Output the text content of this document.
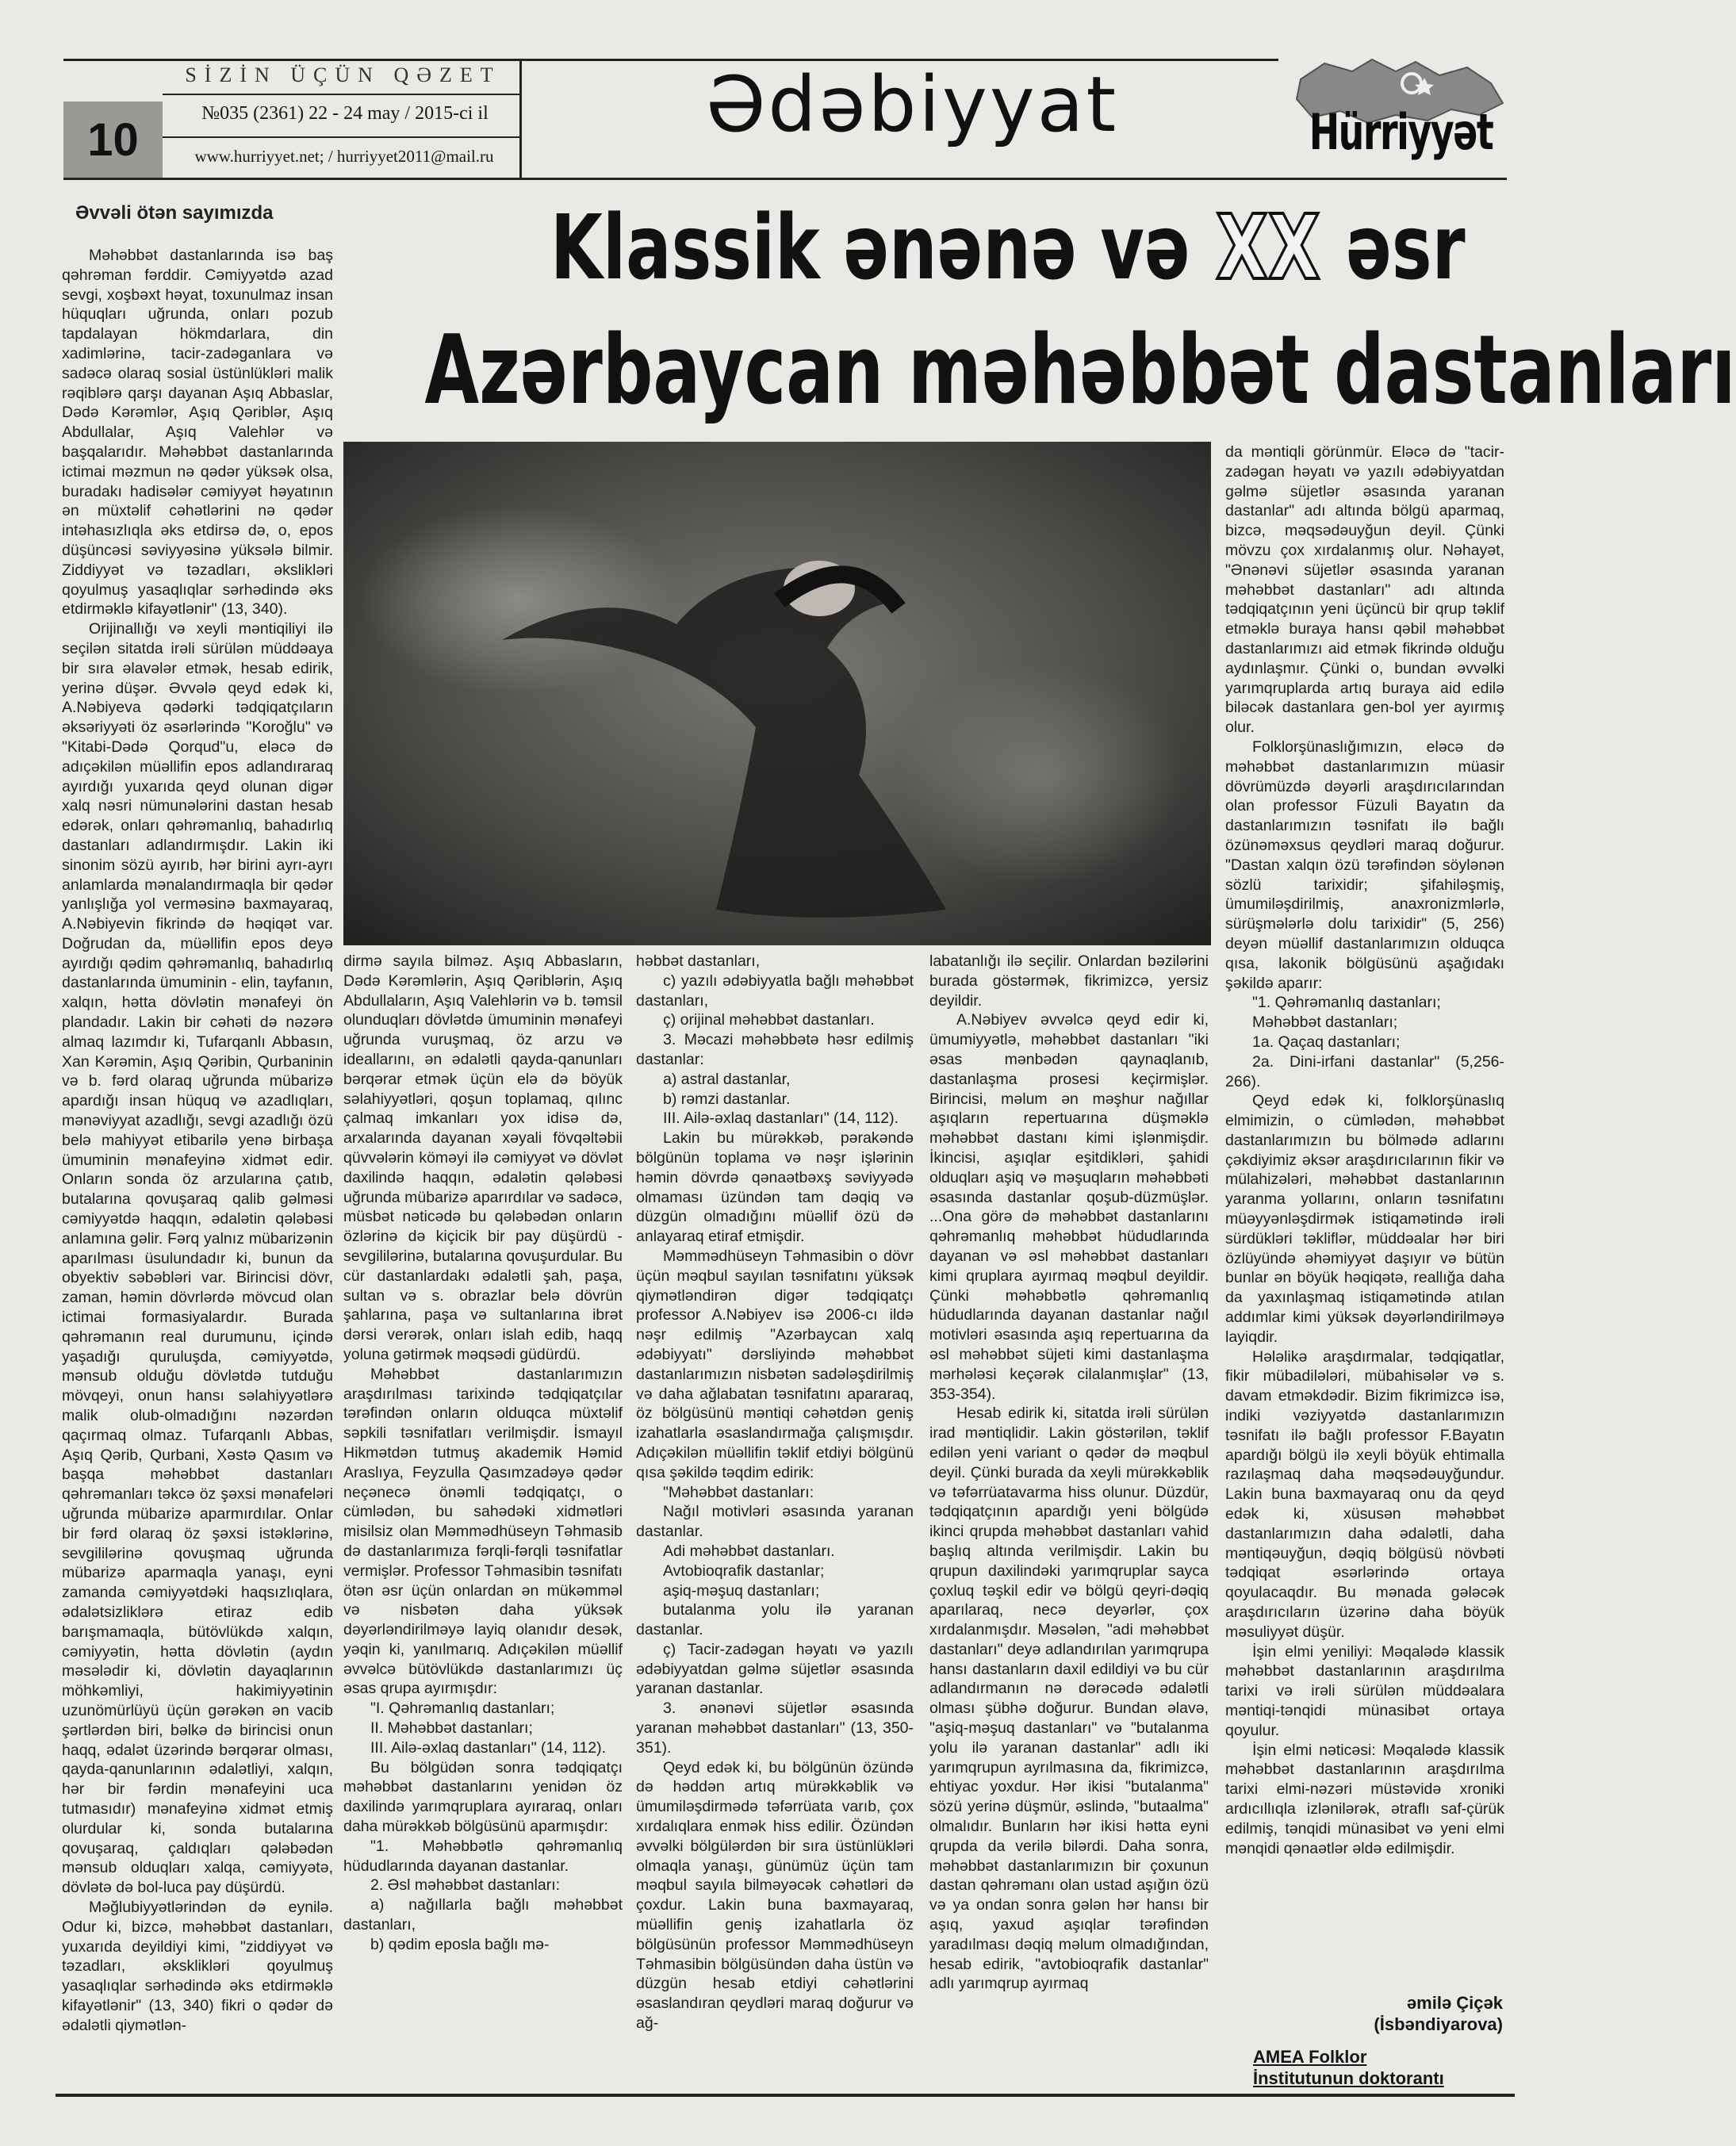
10
SİZİN ÜÇÜN QƏZET
№035 (2361) 22 - 24 may / 2015-ci il
www.hurriyyet.net; / hurriyyet2011@mail.ru
Ədəbiyyat	Hürriyyət
Klassik ənənə və XX əsr
Azərbaycan məhəbbət dastanları
Əvvəli ötən sayımızda

Məhəbbət dastanlarında isə baş qəhrəman fərddir. Cəmiyyətdə azad sevgi, xoşbəxt həyat, toxunulmaz insan hüquqları uğrunda, onları pozub tapdalayan hökmdarlara, din xadimlərinə, tacir-zadəganlara və sadəcə olaraq sosial üstünlükləri malik rəqiblərə qarşı dayanan Aşıq Abbaslar, Dədə Kərəmlər, Aşıq Qəriblər, Aşıq Abdullalar, Aşıq Valehlər və başqalarıdır. Məhəbbət dastanlarında ictimai məzmun nə qədər yüksək olsa, buradakı hadisələr cəmiyyət həyatının ən müxtəlif cəhətlərini nə qədər intəhasızlıqla əks etdirsə də, o, epos düşüncəsi səviyyəsinə yüksələ bilmir. Ziddiyyət və təzadları, əkslikləri qoyulmuş yasaqlıqlar sərhədində əks etdirməklə kifayətlənir" (13, 340).

Orijinallığı və xeyli məntiqiliyi ilə seçilən sitatda irəli sürülən müddəaya bir sıra əlavələr etmək, hesab edirik, yerinə düşər. Əvvələ qeyd edək ki, A.Nəbiyeva qədərki tədqiqatçıların əksəriyyəti öz əsərlərində "Koroğlu" və "Kitabi-Dədə Qorqud"u, eləcə də adıçəkilən müəllifin epos adlandıraraq ayırdığı yuxarıda qeyd olunan digər xalq nəsri nümunələrini dastan hesab edərək, onları qəhrəmanlıq, bahadırlıq dastanları adlandırmışdır. Lakin iki sinonim sözü ayırıb, hər birini ayrı-ayrı anlamlarda mənalandırmaqla bir qədər yanlışlığa yol verməsinə baxmayaraq, A.Nəbiyevin fikrində də həqiqət var. Doğrudan da, müəllifin epos deyə ayırdığı qədim qəhrəmanlıq, bahadırlıq dastanlarında ümuminin - elin, tayfanın, xalqın, hətta dövlətin mənafeyi ön plandadır. Lakin bir cəhəti də nəzərə almaq lazımdır ki, Tufarqanlı Abbasın, Xan Kərəmin, Aşıq Qəribin, Qurbaninin və b. fərd olaraq uğrunda mübarizə apardığı insan hüquq və azadlıqları, mənəviyyat azadlığı, sevgi azadlığı özü belə mahiyyət etibarilə yenə birbaşa ümuminin mənafeyinə xidmət edir. Onların sonda öz arzularına çatıb, butalarına qovuşaraq qalib gəlməsi cəmiyyətdə haqqın, ədalətin qələbəsi anlamına gəlir. Fərq yalnız mübarizənin aparılması üsulundadır ki, bunun da obyektiv səbəbləri var. Birincisi dövr, zaman, həmin dövrlərdə mövcud olan ictimai formasiyalardır. Burada qəhrəmanın real durumunu, içində yaşadığı quruluşda, cəmiyyətdə, mənsub olduğu dövlətdə tutduğu mövqeyi, onun hansı səlahiyyətlərə malik olub-olmadığını nəzərdən qaçırmaq olmaz. Tufarqanlı Abbas, Aşıq Qərib, Qurbani, Xəstə Qasım və başqa məhəbbət dastanları qəhrəmanları təkcə öz şəxsi mənafeləri uğrunda mübarizə aparmırdılar. Onlar bir fərd olaraq öz şəxsi istəklərinə, sevgililərinə qovuşmaq uğrunda mübarizə aparmaqla yanaşı, eyni zamanda cəmiyyətdəki haqsızlıqlara, ədalətsizliklərə etiraz edib barışmamaqla, bütövlükdə xalqın, cəmiyyətin, hətta dövlətin (aydın məsələdir ki, dövlətin dayaqlarının möhkəmliyi, hakimiyyətinin uzunömürlüyü üçün gərəkən ən vacib şərtlərdən biri, bəlkə də birincisi onun haqq, ədalət üzərində bərqərar olması, qayda-qanunlarının ədalətliyi, xalqın, hər bir fərdin mənafeyini uca tutmasıdır) mənafeyinə xidmət etmiş olurdular ki, sonda butalarına qovuşaraq, çaldıqları qələbədən mənsub olduqları xalqa, cəmiyyətə, dövlətə də bol-luca pay düşürdü.

Məğlubiyyətlərindən də eynilə. Odur ki, bizcə, məhəbbət dastanları, yuxarıda deyildiyi kimi, "ziddiyyət və təzadları, əksklikləri qoyulmuş yasaqlıqlar sərhədində əks etdirməklə kifayətlənir" (13, 340) fikri o qədər də ədalətli qiymətlən-

dirmə sayıla bilməz. Aşıq Abbasların, Dədə Kərəmlərin, Aşıq Qəriblərin, Aşıq Abdullaların, Aşıq Valehlərin və b. təmsil olunduqları dövlətdə ümuminin mənafeyi uğrunda vuruşmaq, öz arzu və ideallarını, ən ədalətli qayda-qanunları bərqərar etmək üçün elə də böyük səlahiyyətləri, qoşun toplamaq, qılınc çalmaq imkanları yox idisə də, arxalarında dayanan xəyali fövqəltəbii qüvvələrin köməyi ilə cəmiyyət və dövlət daxilində haqqın, ədalətin qələbəsi uğrunda mübarizə aparırdılar və sadəcə, müsbət nəticədə bu qələbədən onların özlərinə də kiçicik bir pay düşürdü - sevgililərinə, butalarına qovuşurdular. Bu cür dastanlardakı ədalətli şah, paşa, sultan və s. obrazlar belə dövrün şahlarına, paşa və sultanlarına ibrət dərsi verərək, onları islah edib, haqq yoluna gətirmək məqsədi güdürdü.

Məhəbbət dastanlarımızın araşdırılması tarixində tədqiqatçılar tərəfindən onların olduqca müxtəlif səpkili təsnifatları verilmişdir. İsmayıl Hikmətdən tutmuş akademik Həmid Araslıya, Feyzulla Qasımzadəyə qədər neçənecə önəmli tədqiqatçı, o cümlədən, bu sahədəki xidmətləri misilsiz olan Məmmədhüseyn Təhmasib də dastanlarımıza fərqli-fərqli təsnifatlar vermişlər. Professor Təhmasibin təsnifatı ötən əsr üçün onlardan ən mükəmməl və nisbətən daha yüksək dəyərləndirilməyə layiq olanıdır desək, yəqin ki, yanılmarıq. Adıçəkilən müəllif əvvəlcə bütövlükdə dastanlarımızı üç əsas qrupa ayırmışdır:

"I. Qəhrəmanlıq dastanları;

II. Məhəbbət dastanları;

III. Ailə-əxlaq dastanları" (14, 112).

Bu bölgüdən sonra tədqiqatçı məhəbbət dastanlarını yenidən öz daxilində yarımqruplara ayıraraq, onları daha mürəkkəb bölgüsünü aparmışdır:

"1. Məhəbbətlə qəhrəmanlıq hüdudlarında dayanan dastanlar.

2. Əsl məhəbbət dastanları:

a) nağıllarla bağlı məhəbbət dastanları,

b) qədim eposla bağlı mə-

həbbət dastanları,

c) yazılı ədəbiyyatla bağlı məhəbbət dastanları,

ç) orijinal məhəbbət dastanları.

3. Məcazi məhəbbətə həsr edilmiş dastanlar:

a) astral dastanlar,

b) rəmzi dastanlar.

III. Ailə-əxlaq dastanları" (14, 112).

Lakin bu mürəkkəb, pərakəndə bölgünün toplama və nəşr işlərinin həmin dövrdə qənaətbəxş səviyyədə olmaması üzündən tam dəqiq və düzgün olmadığını müəllif özü də anlayaraq etiraf etmişdir.

Məmmədhüseyn Təhmasibin o dövr üçün məqbul sayılan təsnifatını yüksək qiymətləndirən digər tədqiqatçı professor A.Nəbiyev isə 2006-cı ildə nəşr edilmiş "Azərbaycan xalq ədəbiyyatı" dərsliyində məhəbbət dastanlarımızın nisbətən sadələşdirilmiş və daha ağlabatan təsnifatını apararaq, öz bölgüsünü məntiqi cəhətdən geniş izahatlarla əsaslandırmağa çalışmışdır. Adıçəkilən müəllifin təklif etdiyi bölgünü qısa şəkildə təqdim edirik:

"Məhəbbət dastanları:

Nağıl motivləri əsasında yaranan dastanlar.

Adi məhəbbət dastanları.

Avtobioqrafik dastanlar;

aşiq-məşuq dastanları;

butalanma yolu ilə yaranan dastanlar.

ç) Tacir-zadəgan həyatı və yazılı ədəbiyyatdan gəlmə süjetlər əsasında yaranan dastanlar.

3. ənənəvi süjetlər əsasında yaranan məhəbbət dastanları" (13, 350-351).

Qeyd edək ki, bu bölgünün özündə də həddən artıq mürəkkəblik və ümumiləşdirmədə təfərrüata varıb, çox xırdalıqlara enmək hiss edilir. Özündən əvvəlki bölgülərdən bir sıra üstünlükləri olmaqla yanaşı, günümüz üçün tam məqbul sayıla bilməyəcək cəhətləri də çoxdur. Lakin buna baxmayaraq, müəllifin geniş izahatlarla öz bölgüsünün professor Məmmədhüseyn Təhmasibin bölgüsündən daha üstün və düzgün hesab etdiyi cəhətlərini əsaslandıran qeydləri maraq doğurur və ağ-

labatanlığı ilə seçilir. Onlardan bəzilərini burada göstərmək, fikrimizcə, yersiz deyildir.

A.Nəbiyev əvvəlcə qeyd edir ki, ümumiyyətlə, məhəbbət dastanları "iki əsas mənbədən qaynaqlanıb, dastanlaşma prosesi keçirmişlər. Birincisi, məlum ən məşhur nağıllar aşıqların repertuarına düşməklə məhəbbət dastanı kimi işlənmişdir. İkincisi, aşıqlar eşitdikləri, şahidi olduqları aşiq və məşuqların məhəbbəti əsasında dastanlar qoşub-düzmüşlər. ...Ona görə də məhəbbət dastanlarını qəhrəmanlıq məhəbbət hüdudlarında dayanan və əsl məhəbbət dastanları kimi qruplara ayırmaq məqbul deyildir. Çünki məhəbbətlə qəhrəmanlıq hüdudlarında dayanan dastanlar nağıl motivləri əsasında aşıq repertuarına da əsl məhəbbət süjeti kimi dastanlaşma mərhələsi keçərək cilalanmışlar" (13, 353-354).

Hesab edirik ki, sitatda irəli sürülən irad məntiqlidir. Lakin göstərilən, təklif edilən yeni variant o qədər də məqbul deyil. Çünki burada da xeyli mürəkkəblik və təfərrüatavarma hiss olunur. Düzdür, tədqiqatçının apardığı yeni bölgüdə ikinci qrupda məhəbbət dastanları vahid başlıq altında verilmişdir. Lakin bu qrupun daxilindəki yarımqruplar sayca çoxluq təşkil edir və bölgü qeyri-dəqiq aparılaraq, necə deyərlər, çox xırdalanmışdır. Məsələn, "adi məhəbbət dastanları" deyə adlandırılan yarımqrupa hansı dastanların daxil edildiyi və bu cür adlandırmanın nə dərəcədə ədalətli olması şübhə doğurur. Bundan əlavə, "aşiq-məşuq dastanları" və "butalanma yolu ilə yaranan dastanlar" adlı iki yarımqrupun ayrılmasına da, fikrimizcə, ehtiyac yoxdur. Hər ikisi "butalanma" sözü yerinə düşmür, əslində, "butaalma" olmalıdır. Bunların hər ikisi hətta eyni qrupda da verilə bilərdi. Daha sonra, məhəbbət dastanlarımızın bir çoxunun dastan qəhrəmanı olan ustad aşığın özü və ya ondan sonra gələn hər hansı bir aşıq, yaxud aşıqlar tərəfindən yaradılması dəqiq məlum olmadığından, hesab edirik, "avtobioqrafik dastanlar" adlı yarımqrup ayırmaq

da məntiqli görünmür. Eləcə də "tacir-zadəgan həyatı və yazılı ədəbiyyatdan gəlmə süjetlər əsasında yaranan dastanlar" adı altında bölgü aparmaq, bizcə, məqsədəuyğun deyil. Çünki mövzu çox xırdalanmış olur. Nəhayət, "Ənənəvi süjetlər əsasında yaranan məhəbbət dastanları" adı altında tədqiqatçının yeni üçüncü bir qrup təklif etməklə buraya hansı qəbil məhəbbət dastanlarımızı aid etmək fikrində olduğu aydınlaşmır. Çünki o, bundan əvvəlki yarımqruplarda artıq buraya aid edilə biləcək dastanlara gen-bol yer ayırmış olur.

Folklorşünaslığımızın, eləcə də məhəbbət dastanlarımızın müasir dövrümüzdə dəyərli araşdırıcılarından olan professor Füzuli Bayatın da dastanlarımızın təsnifatı ilə bağlı özünəməxsus qeydləri maraq doğurur. "Dastan xalqın özü tərəfindən söylənən sözlü tarixidir; şifahiləşmiş, ümumiləşdirilmiş, anaxronizmlərlə, sürüşmələrlə dolu tarixidir" (5, 256) deyən müəllif dastanlarımızın olduqca qısa, lakonik bölgüsünü aşağıdakı şəkildə aparır:

"1. Qəhrəmanlıq dastanları;

Məhəbbət dastanları;

1a. Qaçaq dastanları;

2a. Dini-irfani dastanlar" (5,256-266).

Qeyd edək ki, folklorşünaslıq elmimizin, o cümlədən, məhəbbət dastanlarımızın bu bölmədə adlarını çəkdiyimiz əksər araşdırıcılarının fikir və mülahizələri, məhəbbət dastanlarının yaranma yollarını, onların təsnifatını müəyyənləşdirmək istiqamətində irəli sürdükləri təkliflər, müddəalar hər biri özlüyündə əhəmiyyət daşıyır və bütün bunlar ən böyük həqiqətə, reallığa daha da yaxınlaşmaq istiqamətində atılan addımlar kimi yüksək dəyərləndirilməyə layiqdir.

Hələlikə araşdırmalar, tədqiqatlar, fikir mübadilələri, mübahisələr və s. davam etməkdədir. Bizim fikrimizcə isə, indiki vəziyyətdə dastanlarımızın təsnifatı ilə bağlı professor F.Bayatın apardığı bölgü ilə xeyli böyük ehtimalla razılaşmaq daha məqsədəuyğundur. Lakin buna baxmayaraq onu da qeyd edək ki, xüsusən məhəbbət dastanlarımızın daha ədalətli, daha məntiqəuyğun, dəqiq bölgüsü növbəti tədqiqat əsərlərində ortaya qoyulacaqdır. Bu mənada gələcək araşdırıcıların üzərinə daha böyük məsuliyyət düşür.

İşin elmi yeniliyi: Məqalədə klassik məhəbbət dastanlarının araşdırılma tarixi və irəli sürülən müddəalara məntiqi-tənqidi münasibət ortaya qoyulur.

İşin elmi nəticəsi: Məqalədə klassik məhəbbət dastanlarının araşdırılma tarixi elmi-nəzəri müstəvidə xroniki ardıcıllıqla izlənilərək, ətraflı saf-çürük edilmiş, tənqidi münasibət və yeni elmi mənqidi qənaətlər əldə edilmişdir.

əmilə Çiçək
(İsbəndiyarova)
AMEA Folklor
İnstitutunun doktorantı
